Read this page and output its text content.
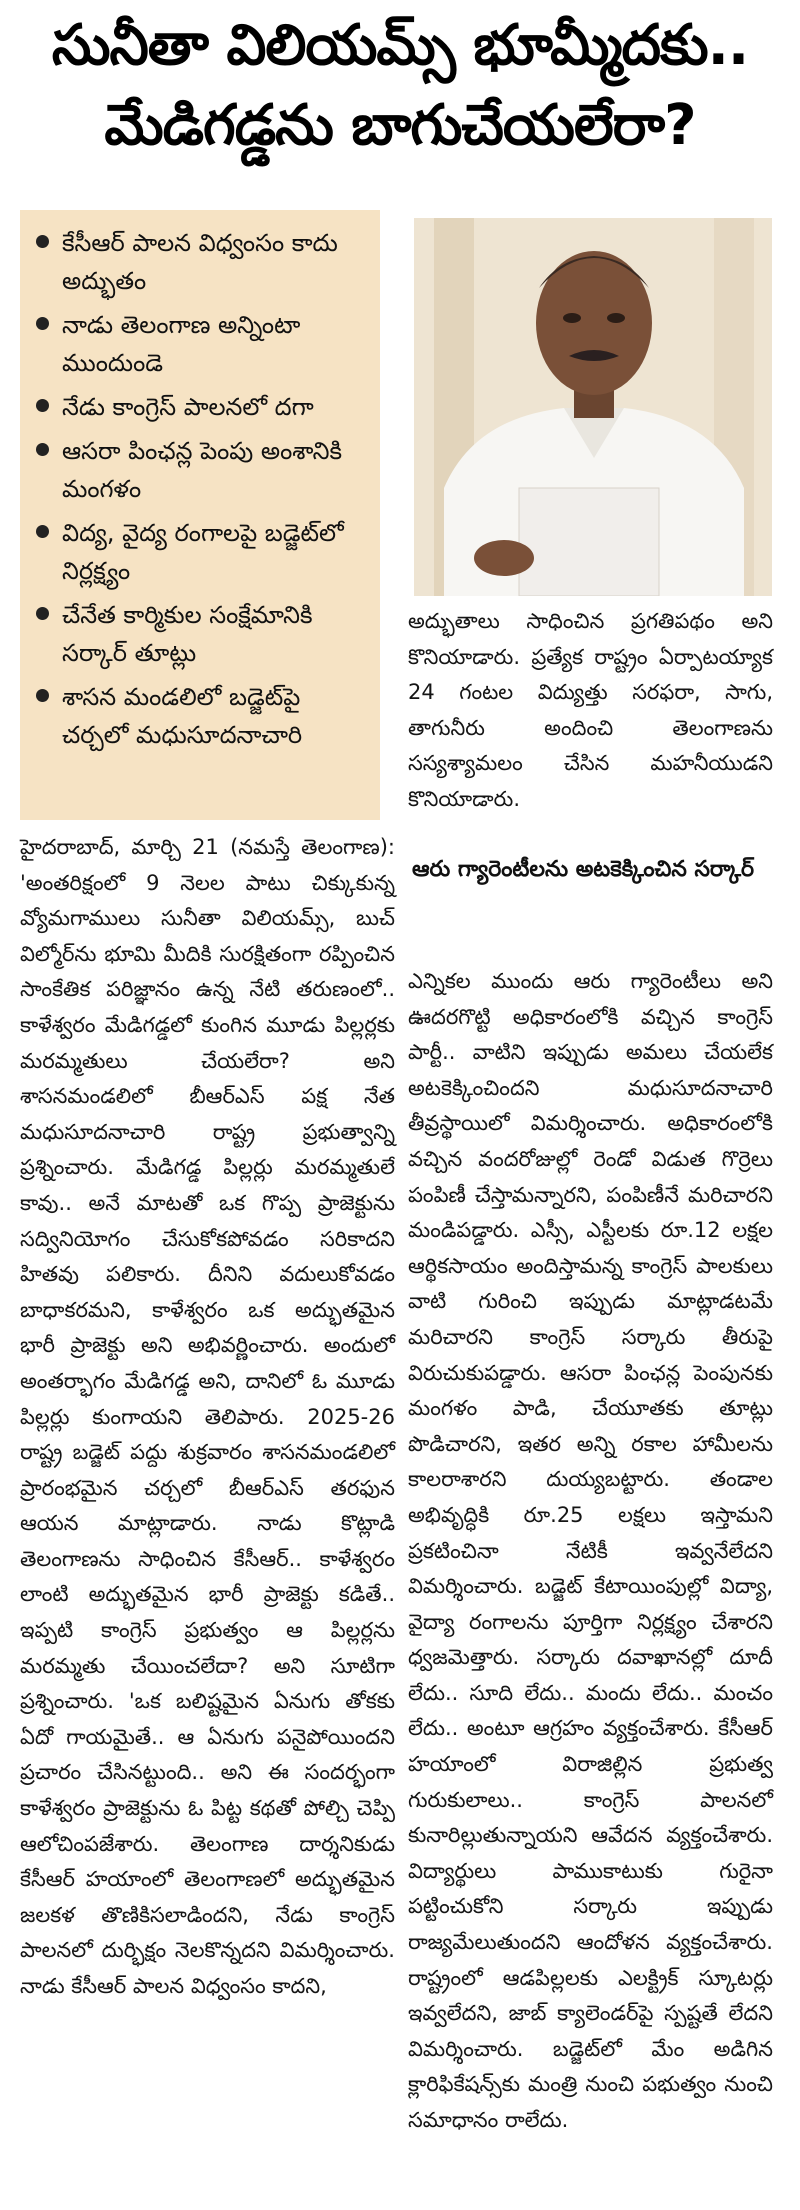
సునీతా విలియమ్స్ భూమ్మీదకు..
మేడిగడ్డను బాగుచేయలేరా?
కేసీఆర్ పాలన విధ్వంసం కాదు అద్భుతం
నాడు తెలంగాణ అన్నింటా ముందుండె
నేడు కాంగ్రెస్ పాలనలో దగా
ఆసరా పింఛన్ల పెంపు అంశానికి మంగళం
విద్య, వైద్య రంగాలపై బడ్జెట్‌లో నిర్లక్ష్యం
చేనేత కార్మికుల సంక్షేమానికి సర్కార్ తూట్లు
శాసన మండలిలో బడ్జెట్‌పై చర్చలో మధుసూదనాచారి
హైదరాబాద్, మార్చి 21 (నమస్తే తెలంగాణ): 'అంతరిక్షంలో 9 నెలల పాటు చిక్కుకున్న వ్యోమగాములు సునీతా విలియమ్స్, బుచ్ విల్మోర్‌ను భూమి మీదికి సురక్షితంగా రప్పించిన సాంకేతిక పరిజ్ఞానం ఉన్న నేటి తరుణంలో.. కాళేశ్వరం మేడిగడ్డలో కుంగిన మూడు పిల్లర్లకు మరమ్మతులు చేయలేరా? అని శాసనమండలిలో బీఆర్‌ఎస్ పక్ష నేత మధుసూదనాచారి రాష్ట్ర ప్రభుత్వాన్ని ప్రశ్నించారు. మేడిగడ్డ పిల్లర్లు మరమ్మతులే కావు.. అనే మాటతో ఒక గొప్ప ప్రాజెక్టును సద్వినియోగం చేసుకోకపోవడం సరికాదని హితవు పలికారు. దీనిని వదులుకోవడం బాధాకరమని, కాళేశ్వరం ఒక అద్భుతమైన భారీ ప్రాజెక్టు అని అభివర్ణించారు. అందులో అంతర్భాగం మేడిగడ్డ అని, దానిలో ఓ మూడు పిల్లర్లు కుంగాయని తెలిపారు. 2025-26 రాష్ట్ర బడ్జెట్ పద్దు శుక్రవారం శాసనమండలిలో ప్రారంభమైన చర్చలో బీఆర్‌ఎస్ తరఫున ఆయన మాట్లాడారు. నాడు కొట్లాడి తెలంగాణను సాధించిన కేసీఆర్.. కాళేశ్వరం లాంటి అద్భుతమైన భారీ ప్రాజెక్టు కడితే.. ఇప్పటి కాంగ్రెస్ ప్రభుత్వం ఆ పిల్లర్లను మరమ్మతు చేయించలేదా? అని సూటిగా ప్రశ్నించారు. 'ఒక బలిష్టమైన ఏనుగు తోకకు ఏదో గాయమైతే.. ఆ ఏనుగు పనైపోయిందని ప్రచారం చేసినట్టుంది.. అని ఈ సందర్భంగా కాళేశ్వరం ప్రాజెక్టును ఓ పిట్ట కథతో పోల్చి చెప్పి ఆలోచింపజేశారు. తెలంగాణ దార్శనికుడు కేసీఆర్ హయాంలో తెలంగాణలో అద్భుతమైన జలకళ తొణికిసలాడిందని, నేడు కాంగ్రెస్ పాలనలో దుర్భిక్షం నెలకొన్నదని విమర్శించారు. నాడు కేసీఆర్ పాలన విధ్వంసం కాదని,
అద్భుతాలు సాధించిన ప్రగతిపథం అని కొనియాడారు. ప్రత్యేక రాష్ట్రం ఏర్పాటయ్యాక 24 గంటల విద్యుత్తు సరఫరా, సాగు, తాగునీరు అందించి తెలంగాణను సస్యశ్యామలం చేసిన మహనీయుడని కొనియాడారు.
ఆరు గ్యారెంటీలను అటకెక్కించిన సర్కార్
ఎన్నికల ముందు ఆరు గ్యారెంటీలు అని ఊదరగొట్టి అధికారంలోకి వచ్చిన కాంగ్రెస్ పార్టీ.. వాటిని ఇప్పుడు అమలు చేయలేక అటకెక్కించిందని మధుసూదనాచారి తీవ్రస్థాయిలో విమర్శించారు. అధికారంలోకి వచ్చిన వందరోజుల్లో రెండో విడుత గొర్రెలు పంపిణీ చేస్తామన్నారని, పంపిణీనే మరిచారని మండిపడ్డారు. ఎస్సీ, ఎస్టీలకు రూ.12 లక్షల ఆర్థికసాయం అందిస్తామన్న కాంగ్రెస్ పాలకులు వాటి గురించి ఇప్పుడు మాట్లాడటమే మరిచారని కాంగ్రెస్ సర్కారు తీరుపై విరుచుకుపడ్డారు. ఆసరా పింఛన్ల పెంపునకు మంగళం పాడి, చేయూతకు తూట్లు పొడిచారని, ఇతర అన్ని రకాల హామీలను కాలరాశారని దుయ్యబట్టారు. తండాల అభివృద్ధికి రూ.25 లక్షలు ఇస్తామని ప్రకటించినా నేటికీ ఇవ్వనేలేదని విమర్శించారు. బడ్జెట్ కేటాయింపుల్లో విద్యా, వైద్యా రంగాలను పూర్తిగా నిర్లక్ష్యం చేశారని ధ్వజమెత్తారు. సర్కారు దవాఖానల్లో దూదీ లేదు.. సూది లేదు.. మందు లేదు.. మంచం లేదు.. అంటూ ఆగ్రహం వ్యక్తంచేశారు. కేసీఆర్ హయాంలో విరాజిల్లిన ప్రభుత్వ గురుకులాలు.. కాంగ్రెస్ పాలనలో కునారిల్లుతున్నాయని ఆవేదన వ్యక్తంచేశారు. విద్యార్థులు పాముకాటుకు గురైనా పట్టించుకోని సర్కారు ఇప్పుడు రాజ్యమేలుతుందని ఆందోళన వ్యక్తంచేశారు. రాష్ట్రంలో ఆడపిల్లలకు ఎలక్ట్రిక్ స్కూటర్లు ఇవ్వలేదని, జాబ్ క్యాలెండర్‌పై స్పష్టతే లేదని విమర్శించారు. బడ్జెట్‌లో మేం అడిగిన క్లారిఫికేషన్స్‌కు మంత్రి నుంచి పభుత్వం నుంచి సమాధానం రాలేదు.
